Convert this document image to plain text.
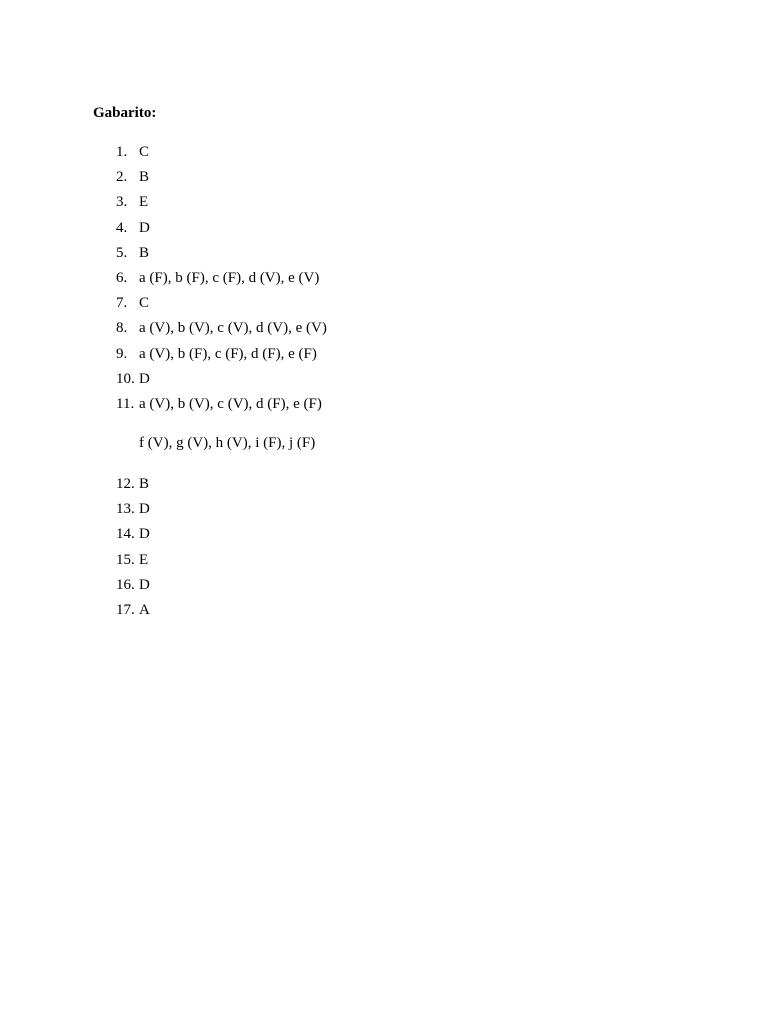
Gabarito:
1. C
2. B
3. E
4. D
5. B
6. a (F), b (F), c (F), d (V), e (V)
7. C
8. a (V), b (V), c (V), d (V), e (V)
9. a (V), b (F), c (F), d (F), e (F)
10. D
11. a (V), b (V), c (V), d (F), e (F)
f (V), g (V), h (V), i (F), j (F)
12. B
13. D
14. D
15. E
16. D
17. A
